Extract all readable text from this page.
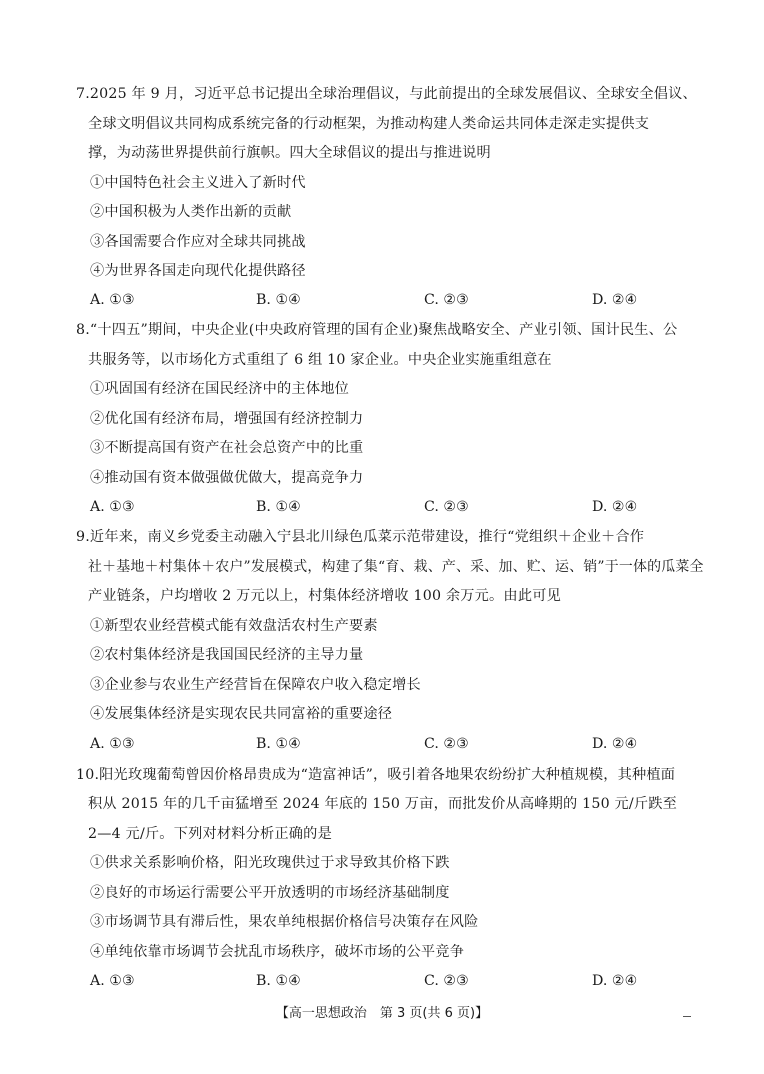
7.2025 年 9 月，习近平总书记提出全球治理倡议，与此前提出的全球发展倡议、全球安全倡议、
全球文明倡议共同构成系统完备的行动框架，为推动构建人类命运共同体走深走实提供支
撑，为动荡世界提供前行旗帜。四大全球倡议的提出与推进说明
①中国特色社会主义进入了新时代
②中国积极为人类作出新的贡献
③各国需要合作应对全球共同挑战
④为世界各国走向现代化提供路径
A. ①③	B. ①④	C. ②③	D. ②④
8.“十四五”期间，中央企业(中央政府管理的国有企业)聚焦战略安全、产业引领、国计民生、公
共服务等，以市场化方式重组了 6 组 10 家企业。中央企业实施重组意在
①巩固国有经济在国民经济中的主体地位
②优化国有经济布局，增强国有经济控制力
③不断提高国有资产在社会总资产中的比重
④推动国有资本做强做优做大，提高竞争力
A. ①③	B. ①④	C. ②③	D. ②④
9.近年来，南义乡党委主动融入宁县北川绿色瓜菜示范带建设，推行“党组织＋企业＋合作
社＋基地＋村集体＋农户”发展模式，构建了集“育、栽、产、采、加、贮、运、销”于一体的瓜菜全
产业链条，户均增收 2 万元以上，村集体经济增收 100 余万元。由此可见
①新型农业经营模式能有效盘活农村生产要素
②农村集体经济是我国国民经济的主导力量
③企业参与农业生产经营旨在保障农户收入稳定增长
④发展集体经济是实现农民共同富裕的重要途径
A. ①③	B. ①④	C. ②③	D. ②④
10.阳光玫瑰葡萄曾因价格昂贵成为“造富神话”，吸引着各地果农纷纷扩大种植规模，其种植面
积从 2015 年的几千亩猛增至 2024 年底的 150 万亩，而批发价从高峰期的 150 元/斤跌至
2—4 元/斤。下列对材料分析正确的是
①供求关系影响价格，阳光玫瑰供过于求导致其价格下跌
②良好的市场运行需要公平开放透明的市场经济基础制度
③市场调节具有滞后性，果农单纯根据价格信号决策存在风险
④单纯依靠市场调节会扰乱市场秩序，破坏市场的公平竞争
A. ①③	B. ①④	C. ②③	D. ②④
【高一思想政治　第 3 页(共 6 页)】
